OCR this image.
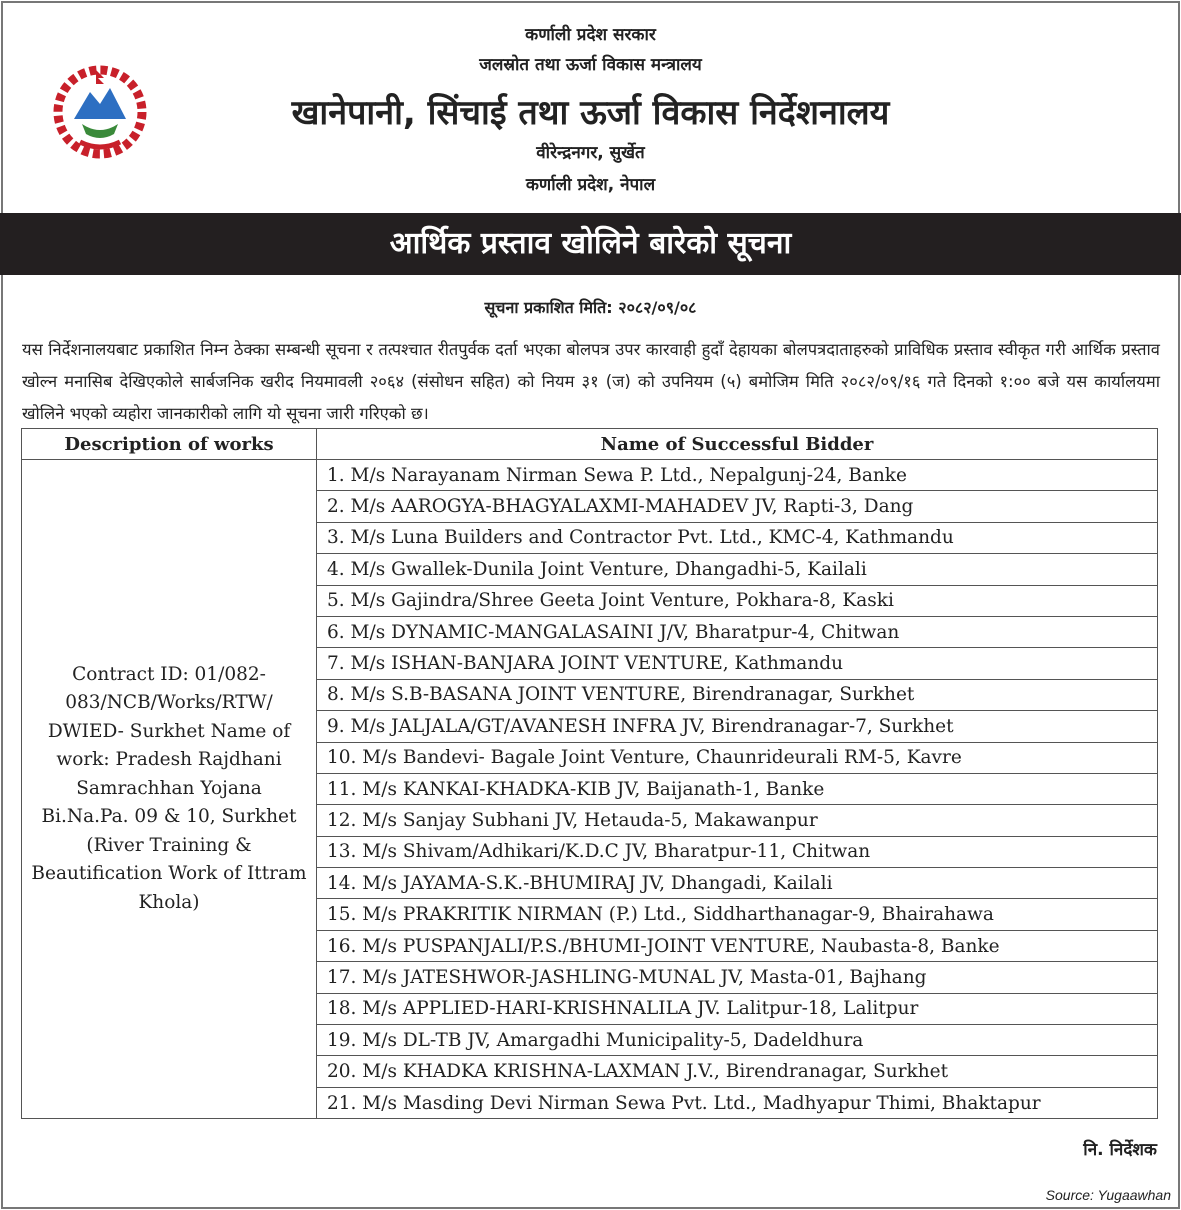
कर्णाली प्रदेश सरकार
जलस्रोत तथा ऊर्जा विकास मन्त्रालय
खानेपानी, सिंचाई तथा ऊर्जा विकास निर्देशनालय
वीरेन्द्रनगर, सुर्खेत
कर्णाली प्रदेश, नेपाल
आर्थिक प्रस्ताव खोलिने बारेको सूचना
सूचना प्रकाशित मिति: २०८२/०९/०८
यस निर्देशनालयबाट प्रकाशित निम्न ठेक्का सम्बन्धी सूचना र तत्पश्चात रीतपुर्वक दर्ता भएका बोलपत्र उपर कारवाही हुदाँ देहायका बोलपत्रदाताहरुको प्राविधिक प्रस्ताव स्वीकृत गरी आर्थिक प्रस्ताव खोल्न मनासिब देखिएकोले सार्बजनिक खरीद नियमावली २०६४ (संसोधन सहित) को नियम ३१ (ज) को उपनियम (५) बमोजिम मिति २०८२/०९/१६ गते दिनको १:०० बजे यस कार्यालयमा खोलिने भएको व्यहोरा जानकारीको लागि यो सूचना जारी गरिएको छ।
Description of works	Name of Successful Bidder
Contract ID: 01/082-083/NCB/Works/RTW/ DWIED- Surkhet Name of work: Pradesh Rajdhani Samrachhan Yojana Bi.Na.Pa. 09 & 10, Surkhet (River Training & Beautification Work of Ittram Khola)	1. M/s Narayanam Nirman Sewa P. Ltd., Nepalgunj-24, Banke
	2. M/s AAROGYA-BHAGYALAXMI-MAHADEV JV, Rapti-3, Dang
	3. M/s Luna Builders and Contractor Pvt. Ltd., KMC-4, Kathmandu
	4. M/s Gwallek-Dunila Joint Venture, Dhangadhi-5, Kailali
	5. M/s Gajindra/Shree Geeta Joint Venture, Pokhara-8, Kaski
	6. M/s DYNAMIC-MANGALASAINI J/V, Bharatpur-4, Chitwan
	7. M/s ISHAN-BANJARA JOINT VENTURE, Kathmandu
	8. M/s S.B-BASANA JOINT VENTURE, Birendranagar, Surkhet
	9. M/s JALJALA/GT/AVANESH INFRA JV, Birendranagar-7, Surkhet
	10. M/s Bandevi- Bagale Joint Venture, Chaunrideurali RM-5, Kavre
	11. M/s KANKAI-KHADKA-KIB JV, Baijanath-1, Banke
	12. M/s Sanjay Subhani JV, Hetauda-5, Makawanpur
	13. M/s Shivam/Adhikari/K.D.C JV, Bharatpur-11, Chitwan
	14. M/s JAYAMA-S.K.-BHUMIRAJ JV, Dhangadi, Kailali
	15. M/s PRAKRITIK NIRMAN (P.) Ltd., Siddharthanagar-9, Bhairahawa
	16. M/s PUSPANJALI/P.S./BHUMI-JOINT VENTURE, Naubasta-8, Banke
	17. M/s JATESHWOR-JASHLING-MUNAL JV, Masta-01, Bajhang
	18. M/s APPLIED-HARI-KRISHNALILA JV. Lalitpur-18, Lalitpur
	19. M/s DL-TB JV, Amargadhi Municipality-5, Dadeldhura
	20. M/s KHADKA KRISHNA-LAXMAN J.V., Birendranagar, Surkhet
	21. M/s Masding Devi Nirman Sewa Pvt. Ltd., Madhyapur Thimi, Bhaktapur
नि. निर्देशक
Source: Yugaawhan
